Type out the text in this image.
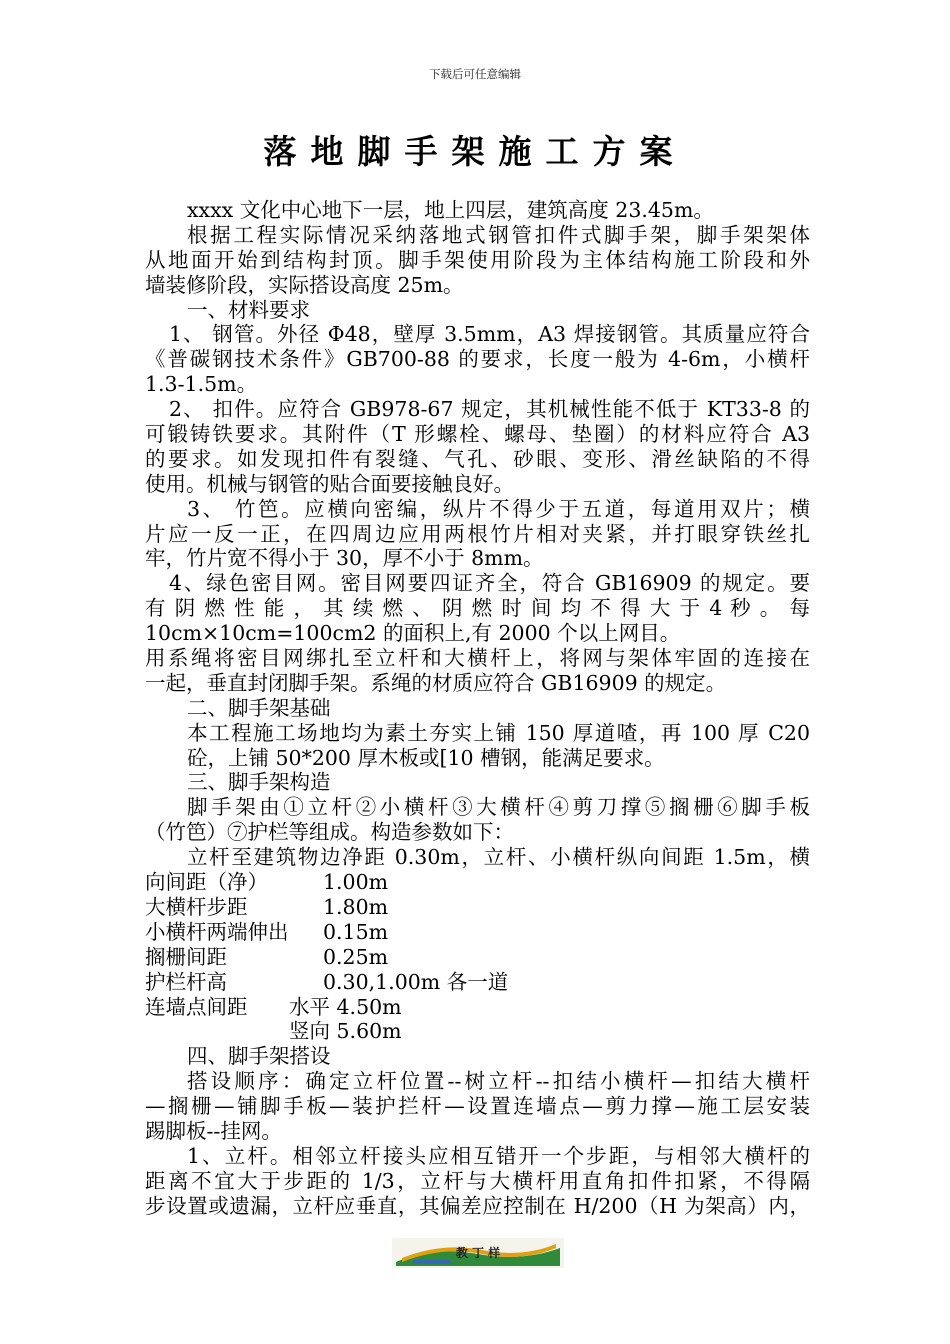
下载后可任意编辑
落地脚手架施工方案
xxxx 文化中心地下一层，地上四层，建筑高度 23.45m。
根据工程实际情况采纳落地式钢管扣件式脚手架，脚手架架体
从地面开始到结构封顶。脚手架使用阶段为主体结构施工阶段和外
墙装修阶段，实际搭设高度 25m。
一、材料要求
1、 钢管。外径 Φ48，壁厚 3.5mm，A3 焊接钢管。其质量应符合
《普碳钢技术条件》GB700-88 的要求，长度一般为 4-6m，小横杆
1.3-1.5m。
2、 扣件。应符合 GB978-67 规定，其机械性能不低于 KT33-8 的
可锻铸铁要求。其附件（T 形螺栓、螺母、垫圈）的材料应符合 A3
的要求。如发现扣件有裂缝、气孔、砂眼、变形、滑丝缺陷的不得
使用。机械与钢管的贴合面要接触良好。
3、 竹笆。应横向密编，纵片不得少于五道，每道用双片；横
片应一反一正，在四周边应用两根竹片相对夹紧，并打眼穿铁丝扎
牢，竹片宽不得小于 30，厚不小于 8mm。
4、绿色密目网。密目网要四证齐全，符合 GB16909 的规定。要
有 阴 燃 性 能 ， 其 续 燃 、 阴 燃 时 间 均 不 得 大 于 4 秒 。 每
10cm×10cm=100cm2 的面积上,有 2000 个以上网目。
用系绳将密目网绑扎至立杆和大横杆上，将网与架体牢固的连接在
一起，垂直封闭脚手架。系绳的材质应符合 GB16909 的规定。
二、脚手架基础
本工程施工场地均为素土夯实上铺 150 厚道喳，再 100 厚 C20
砼，上铺 50*200 厚木板或[10 槽钢，能满足要求。
三、脚手架构造
脚手架由①立杆②小横杆③大横杆④剪刀撑⑤搁栅⑥脚手板
（竹笆）⑦护栏等组成。构造参数如下：
立杆至建筑物边净距 0.30m，立杆、小横杆纵向间距 1.5m，横
向间距（净）	1.00m
大横杆步距	1.80m
小横杆两端伸出 0.15m
搁栅间距	0.25m
护栏杆高	0.30,1.00m 各一道
连墙点间距 水平 4.50m
竖向 5.60m
四、脚手架搭设
搭设顺序：确定立杆位置--树立杆--扣结小横杆—扣结大横杆
—搁栅—铺脚手板—装护拦杆—设置连墙点—剪力撑—施工层安装
踢脚板--挂网。
1、立杆。相邻立杆接头应相互错开一个步距，与相邻大横杆的
距离不宜大于步距的 1/3，立杆与大横杆用直角扣件扣紧，不得隔
步设置或遗漏，立杆应垂直，其偏差应控制在 H/200（H 为架高）内，
教 丁 样
